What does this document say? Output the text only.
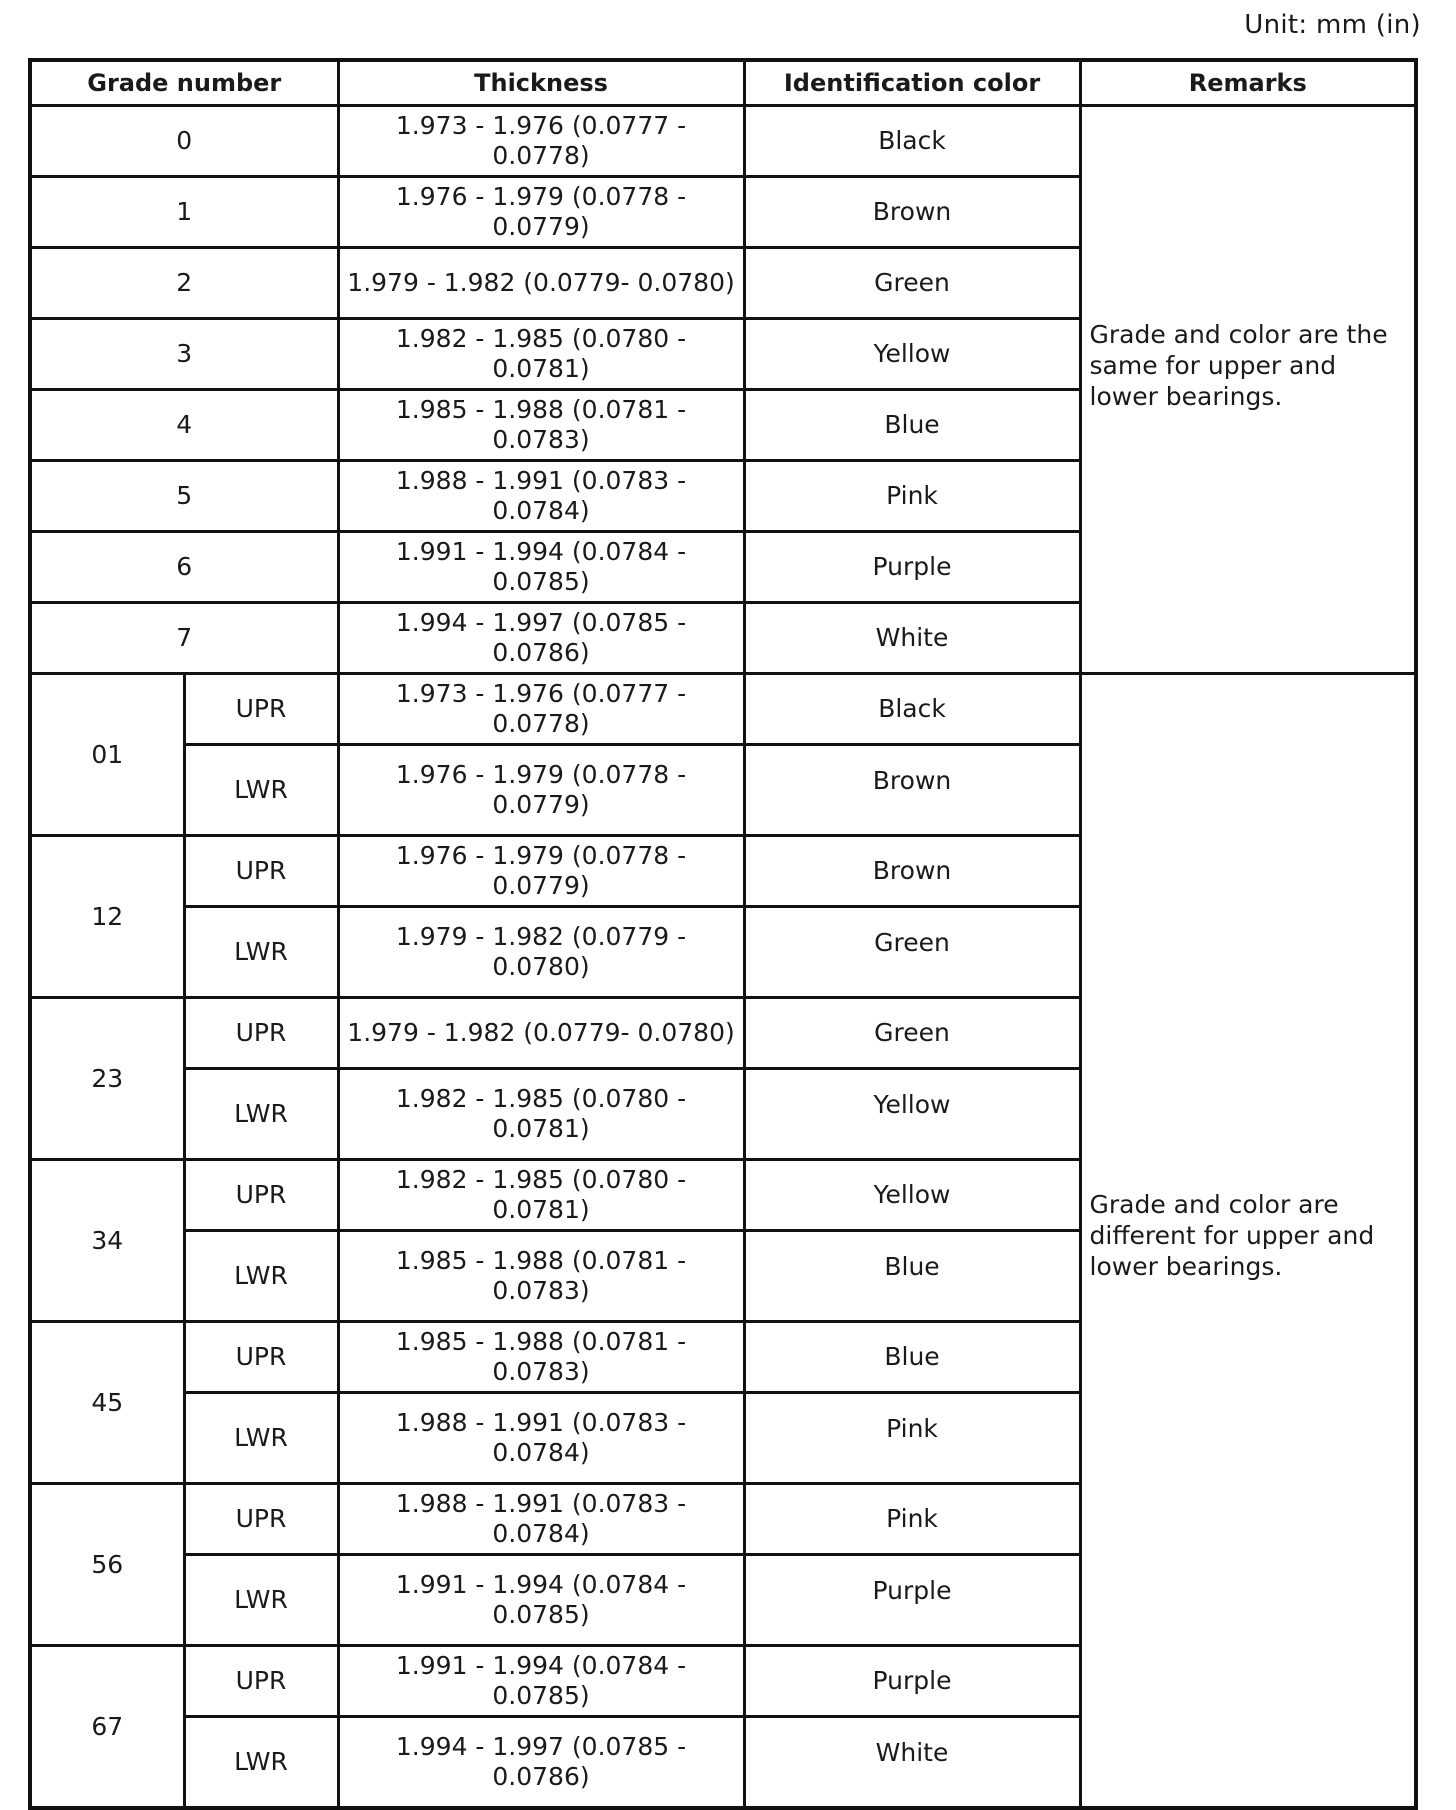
Unit: mm (in)
Grade number		Thickness	Identification color	Remarks
0		1.973 - 1.976 (0.0777 - 0.0778)	Black	Grade and color are the same for upper and lower bearings.
1		1.976 - 1.979 (0.0778 - 0.0779)	Brown	
2		1.979 - 1.982 (0.0779- 0.0780)	Green	
3		1.982 - 1.985 (0.0780 - 0.0781)	Yellow	
4		1.985 - 1.988 (0.0781 - 0.0783)	Blue	
5		1.988 - 1.991 (0.0783 - 0.0784)	Pink	
6		1.991 - 1.994 (0.0784 - 0.0785)	Purple	
7		1.994 - 1.997 (0.0785 - 0.0786)	White	
01	UPR	1.973 - 1.976 (0.0777 - 0.0778)	Black	Grade and color are different for upper and lower bearings.

	LWR	1.976 - 1.979 (0.0778 - 0.0779)	Brown	
12	UPR	1.976 - 1.979 (0.0778 - 0.0779)	Brown	
	LWR	1.979 - 1.982 (0.0779 - 0.0780)	Green	
23	UPR	1.979 - 1.982 (0.0779- 0.0780)	Green	
	LWR	1.982 - 1.985 (0.0780 - 0.0781)	Yellow	
34	UPR	1.982 - 1.985 (0.0780 - 0.0781)	Yellow	
	LWR	1.985 - 1.988 (0.0781 - 0.0783)	Blue	
45	UPR	1.985 - 1.988 (0.0781 - 0.0783)	Blue	
	LWR	1.988 - 1.991 (0.0783 - 0.0784)	Pink	
56	UPR	1.988 - 1.991 (0.0783 - 0.0784)	Pink	
	LWR	1.991 - 1.994 (0.0784 - 0.0785)	Purple	
67	UPR	1.991 - 1.994 (0.0784 - 0.0785)	Purple	
	LWR	1.994 - 1.997 (0.0785 - 0.0786)	White	
